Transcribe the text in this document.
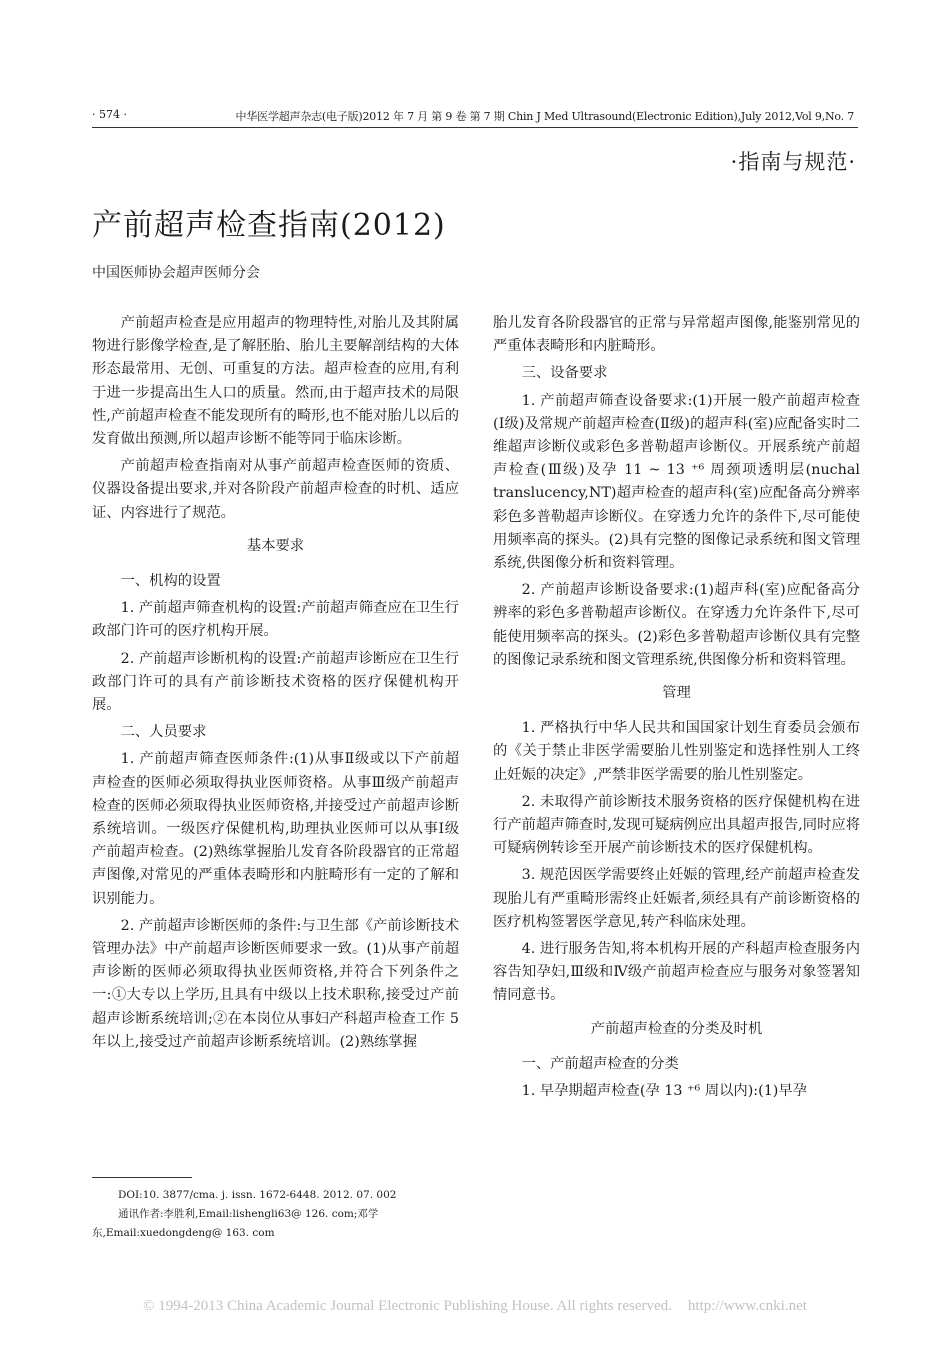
· 574 ·	中华医学超声杂志(电子版)2012 年 7 月 第 9 卷 第 7 期 Chin J Med Ultrasound(Electronic Edition),July 2012,Vol 9,No. 7
·指南与规范·
产前超声检查指南(2012)
中国医师协会超声医师分会

产前超声检查是应用超声的物理特性,对胎儿及其附属物进行影像学检查,是了解胚胎、胎儿主要解剖结构的大体形态最常用、无创、可重复的方法。超声检查的应用,有利于进一步提高出生人口的质量。然而,由于超声技术的局限性,产前超声检查不能发现所有的畸形,也不能对胎儿以后的发育做出预测,所以超声诊断不能等同于临床诊断。

产前超声检查指南对从事产前超声检查医师的资质、仪器设备提出要求,并对各阶段产前超声检查的时机、适应证、内容进行了规范。

基本要求

一、机构的设置

1. 产前超声筛查机构的设置:产前超声筛查应在卫生行政部门许可的医疗机构开展。

2. 产前超声诊断机构的设置:产前超声诊断应在卫生行政部门许可的具有产前诊断技术资格的医疗保健机构开展。

二、人员要求

1. 产前超声筛查医师条件:(1)从事Ⅱ级或以下产前超声检查的医师必须取得执业医师资格。从事Ⅲ级产前超声检查的医师必须取得执业医师资格,并接受过产前超声诊断系统培训。一级医疗保健机构,助理执业医师可以从事Ⅰ级产前超声检查。(2)熟练掌握胎儿发育各阶段器官的正常超声图像,对常见的严重体表畸形和内脏畸形有一定的了解和识别能力。

2. 产前超声诊断医师的条件:与卫生部《产前诊断技术管理办法》中产前超声诊断医师要求一致。(1)从事产前超声诊断的医师必须取得执业医师资格,并符合下列条件之一:①大专以上学历,且具有中级以上技术职称,接受过产前超声诊断系统培训;②在本岗位从事妇产科超声检查工作 5 年以上,接受过产前超声诊断系统培训。(2)熟练掌握

胎儿发育各阶段器官的正常与异常超声图像,能鉴别常见的严重体表畸形和内脏畸形。

三、设备要求

1. 产前超声筛查设备要求:(1)开展一般产前超声检查(Ⅰ级)及常规产前超声检查(Ⅱ级)的超声科(室)应配备实时二维超声诊断仪或彩色多普勒超声诊断仪。开展系统产前超声检查(Ⅲ级)及孕 11 ~ 13 ⁺⁶ 周颈项透明层(nuchal translucency,NT)超声检查的超声科(室)应配备高分辨率彩色多普勒超声诊断仪。在穿透力允许的条件下,尽可能使用频率高的探头。(2)具有完整的图像记录系统和图文管理系统,供图像分析和资料管理。

2. 产前超声诊断设备要求:(1)超声科(室)应配备高分辨率的彩色多普勒超声诊断仪。在穿透力允许条件下,尽可能使用频率高的探头。(2)彩色多普勒超声诊断仪具有完整的图像记录系统和图文管理系统,供图像分析和资料管理。

管理

1. 严格执行中华人民共和国国家计划生育委员会颁布的《关于禁止非医学需要胎儿性别鉴定和选择性别人工终止妊娠的决定》,严禁非医学需要的胎儿性别鉴定。

2. 未取得产前诊断技术服务资格的医疗保健机构在进行产前超声筛查时,发现可疑病例应出具超声报告,同时应将可疑病例转诊至开展产前诊断技术的医疗保健机构。

3. 规范因医学需要终止妊娠的管理,经产前超声检查发现胎儿有严重畸形需终止妊娠者,须经具有产前诊断资格的医疗机构签署医学意见,转产科临床处理。

4. 进行服务告知,将本机构开展的产科超声检查服务内容告知孕妇,Ⅲ级和Ⅳ级产前超声检查应与服务对象签署知情同意书。

产前超声检查的分类及时机

一、产前超声检查的分类

1. 早孕期超声检查(孕 13 ⁺⁶ 周以内):(1)早孕

DOI:10. 3877/cma. j. issn. 1672-6448. 2012. 07. 002

通讯作者:李胜利,Email:lishengli63@ 126. com;邓学东,Email:xuedongdeng@ 163. com

© 1994-2013 China Academic Journal Electronic Publishing House. All rights reserved. http://www.cnki.net
